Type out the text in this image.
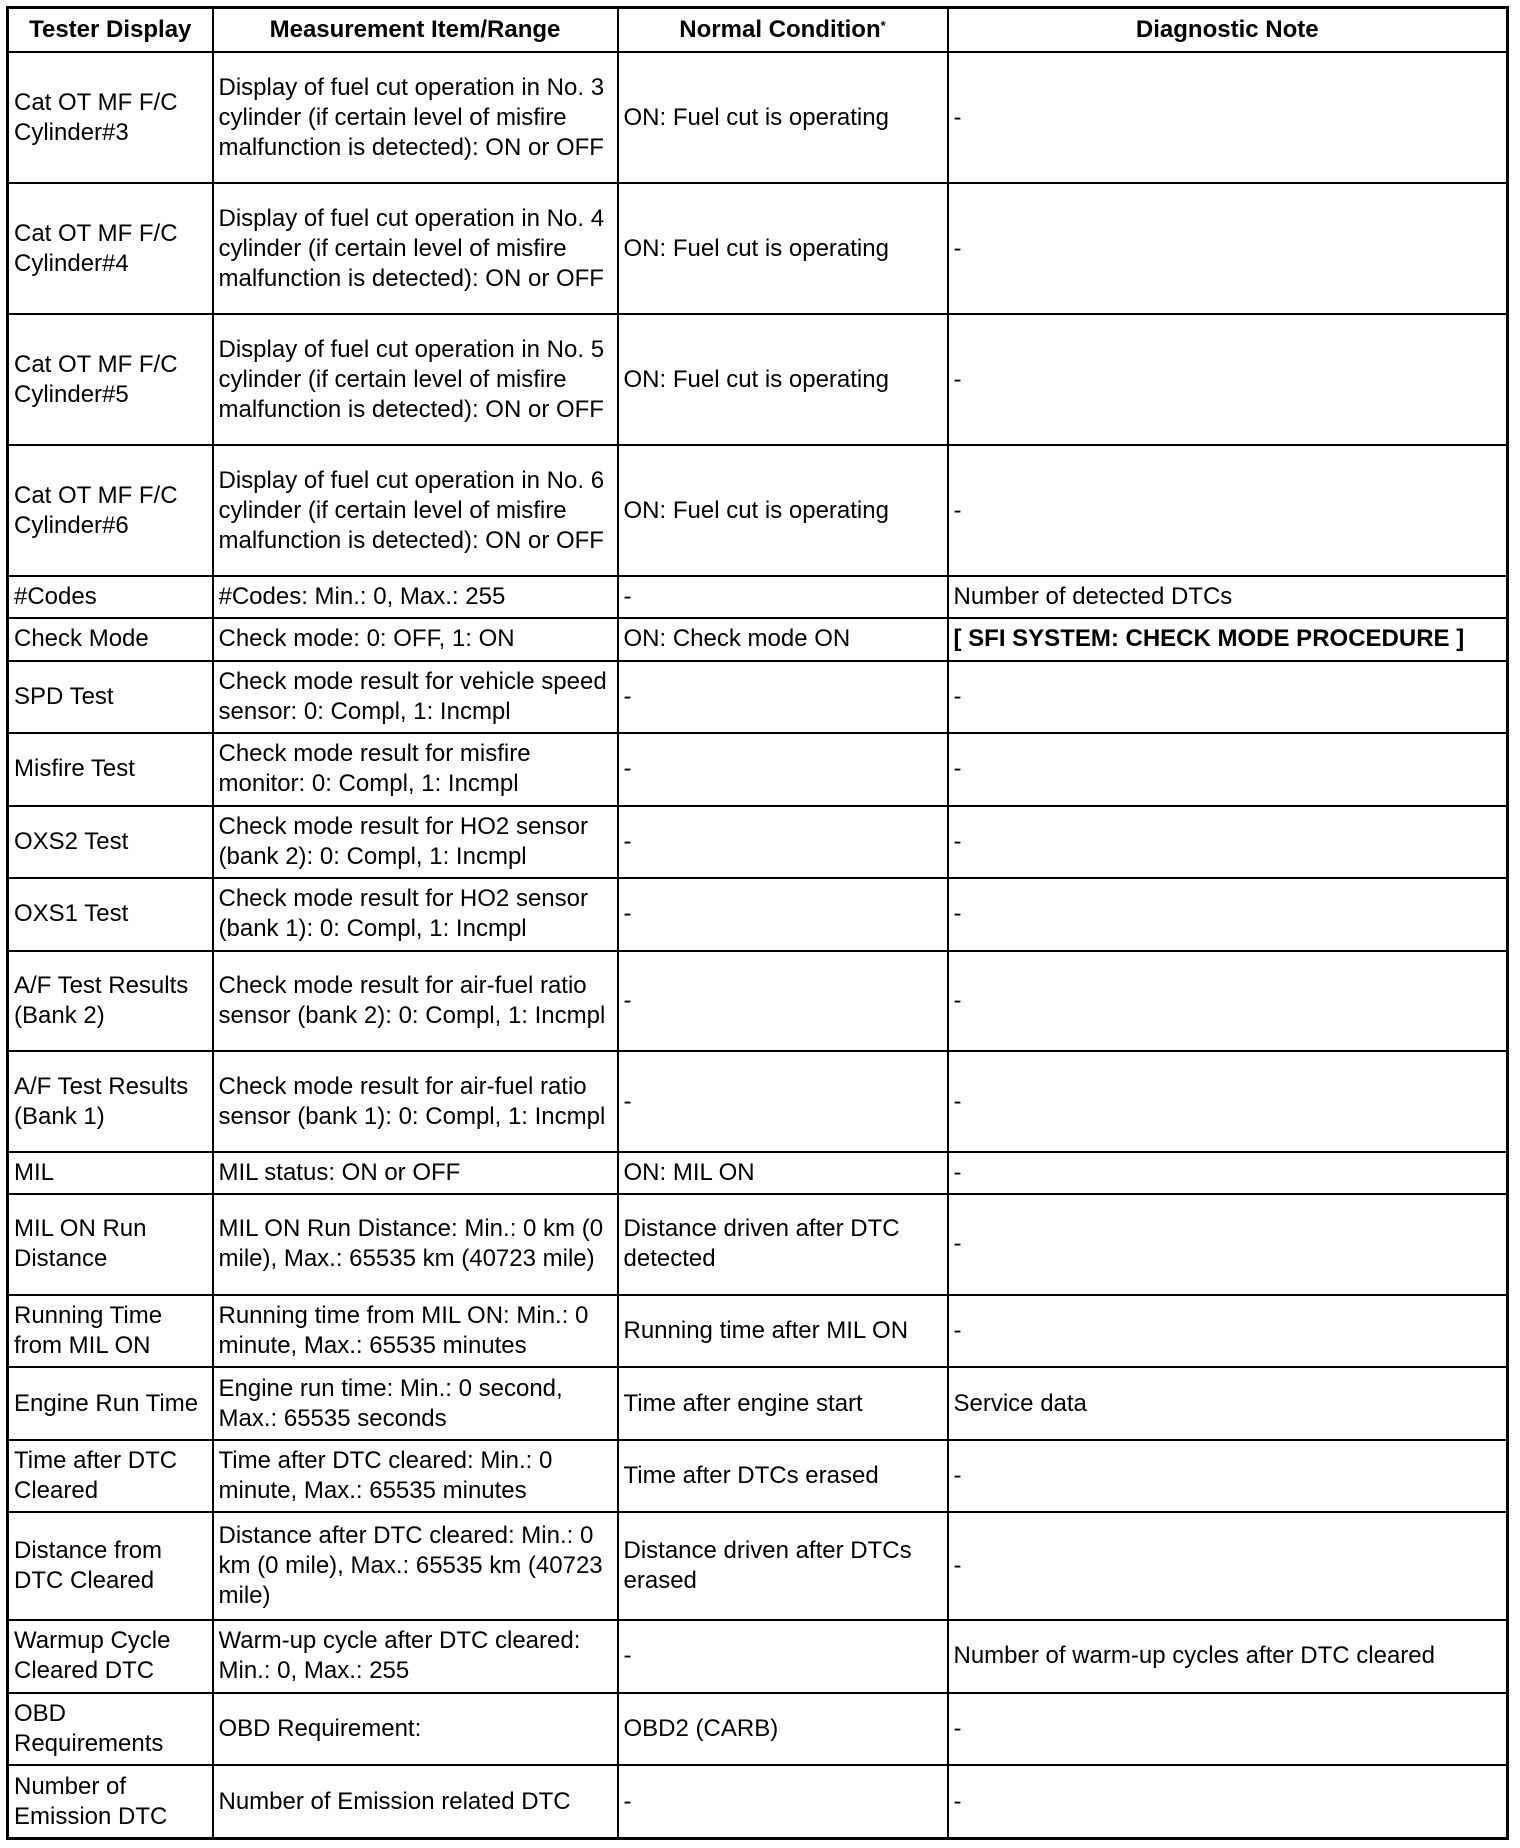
Tester Display	Measurement Item/Range	Normal Condition*	Diagnostic Note
Cat OT MF F/C Cylinder#3	Display of fuel cut operation in No. 3 cylinder (if certain level of misfire malfunction is detected): ON or OFF	ON: Fuel cut is operating	-
Cat OT MF F/C Cylinder#4	Display of fuel cut operation in No. 4 cylinder (if certain level of misfire malfunction is detected): ON or OFF	ON: Fuel cut is operating	-
Cat OT MF F/C Cylinder#5	Display of fuel cut operation in No. 5 cylinder (if certain level of misfire malfunction is detected): ON or OFF	ON: Fuel cut is operating	-
Cat OT MF F/C Cylinder#6	Display of fuel cut operation in No. 6 cylinder (if certain level of misfire malfunction is detected): ON or OFF	ON: Fuel cut is operating	-
#Codes	#Codes: Min.: 0, Max.: 255	-	Number of detected DTCs
Check Mode	Check mode: 0: OFF, 1: ON	ON: Check mode ON	[ SFI SYSTEM: CHECK MODE PROCEDURE ]
SPD Test	Check mode result for vehicle speed sensor: 0: Compl, 1: Incmpl	-	-
Misfire Test	Check mode result for misfire monitor: 0: Compl, 1: Incmpl	-	-
OXS2 Test	Check mode result for HO2 sensor (bank 2): 0: Compl, 1: Incmpl	-	-
OXS1 Test	Check mode result for HO2 sensor (bank 1): 0: Compl, 1: Incmpl	-	-
A/F Test Results (Bank 2)	Check mode result for air-fuel ratio sensor (bank 2): 0: Compl, 1: Incmpl	-	-
A/F Test Results (Bank 1)	Check mode result for air-fuel ratio sensor (bank 1): 0: Compl, 1: Incmpl	-	-
MIL	MIL status: ON or OFF	ON: MIL ON	-
MIL ON Run Distance	MIL ON Run Distance: Min.: 0 km (0 mile), Max.: 65535 km (40723 mile)	Distance driven after DTC detected	-
Running Time from MIL ON	Running time from MIL ON: Min.: 0 minute, Max.: 65535 minutes	Running time after MIL ON	-
Engine Run Time	Engine run time: Min.: 0 second, Max.: 65535 seconds	Time after engine start	Service data
Time after DTC Cleared	Time after DTC cleared: Min.: 0 minute, Max.: 65535 minutes	Time after DTCs erased	-
Distance from DTC Cleared	Distance after DTC cleared: Min.: 0 km (0 mile), Max.: 65535 km (40723 mile)	Distance driven after DTCs erased	-
Warmup Cycle Cleared DTC	Warm-up cycle after DTC cleared: Min.: 0, Max.: 255	-	Number of warm-up cycles after DTC cleared
OBD Requirements	OBD Requirement:	OBD2 (CARB)	-
Number of Emission DTC	Number of Emission related DTC	-	-
